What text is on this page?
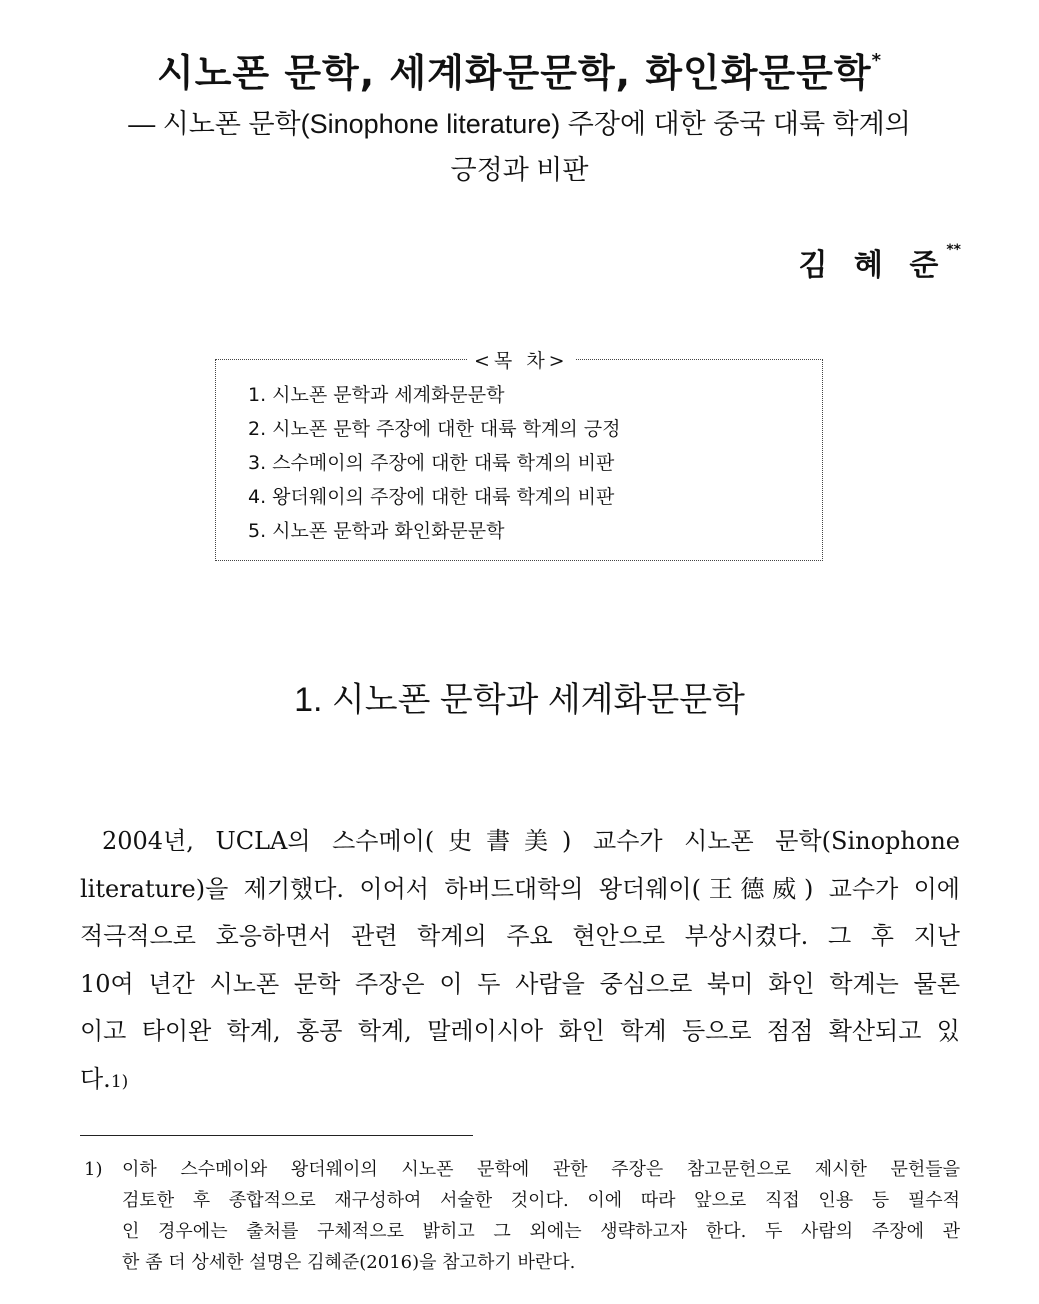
시노폰 문학, 세계화문문학, 화인화문문학*
— 시노폰 문학(Sinophone literature) 주장에 대한 중국 대륙 학계의
긍정과 비판
김 혜 준**
<목 차>
1. 시노폰 문학과 세계화문문학
2. 시노폰 문학 주장에 대한 대륙 학계의 긍정
3. 스수메이의 주장에 대한 대륙 학계의 비판
4. 왕더웨이의 주장에 대한 대륙 학계의 비판
5. 시노폰 문학과 화인화문문학
1. 시노폰 문학과 세계화문문학

2004년, UCLA의 스수메이(史書美) 교수가 시노폰 문학(Sinophone
literature)을 제기했다. 이어서 하버드대학의 왕더웨이(王德威) 교수가 이에
적극적으로 호응하면서 관련 학계의 주요 현안으로 부상시켰다. 그 후 지난
10여 년간 시노폰 문학 주장은 이 두 사람을 중심으로 북미 화인 학계는 물론
이고 타이완 학계, 홍콩 학계, 말레이시아 화인 학계 등으로 점점 확산되고 있
다.1)

1) 이하 스수메이와 왕더웨이의 시노폰 문학에 관한 주장은 참고문헌으로 제시한 문헌들을
검토한 후 종합적으로 재구성하여 서술한 것이다. 이에 따라 앞으로 직접 인용 등 필수적
인 경우에는 출처를 구체적으로 밝히고 그 외에는 생략하고자 한다. 두 사람의 주장에 관
한 좀 더 상세한 설명은 김혜준(2016)을 참고하기 바란다.
